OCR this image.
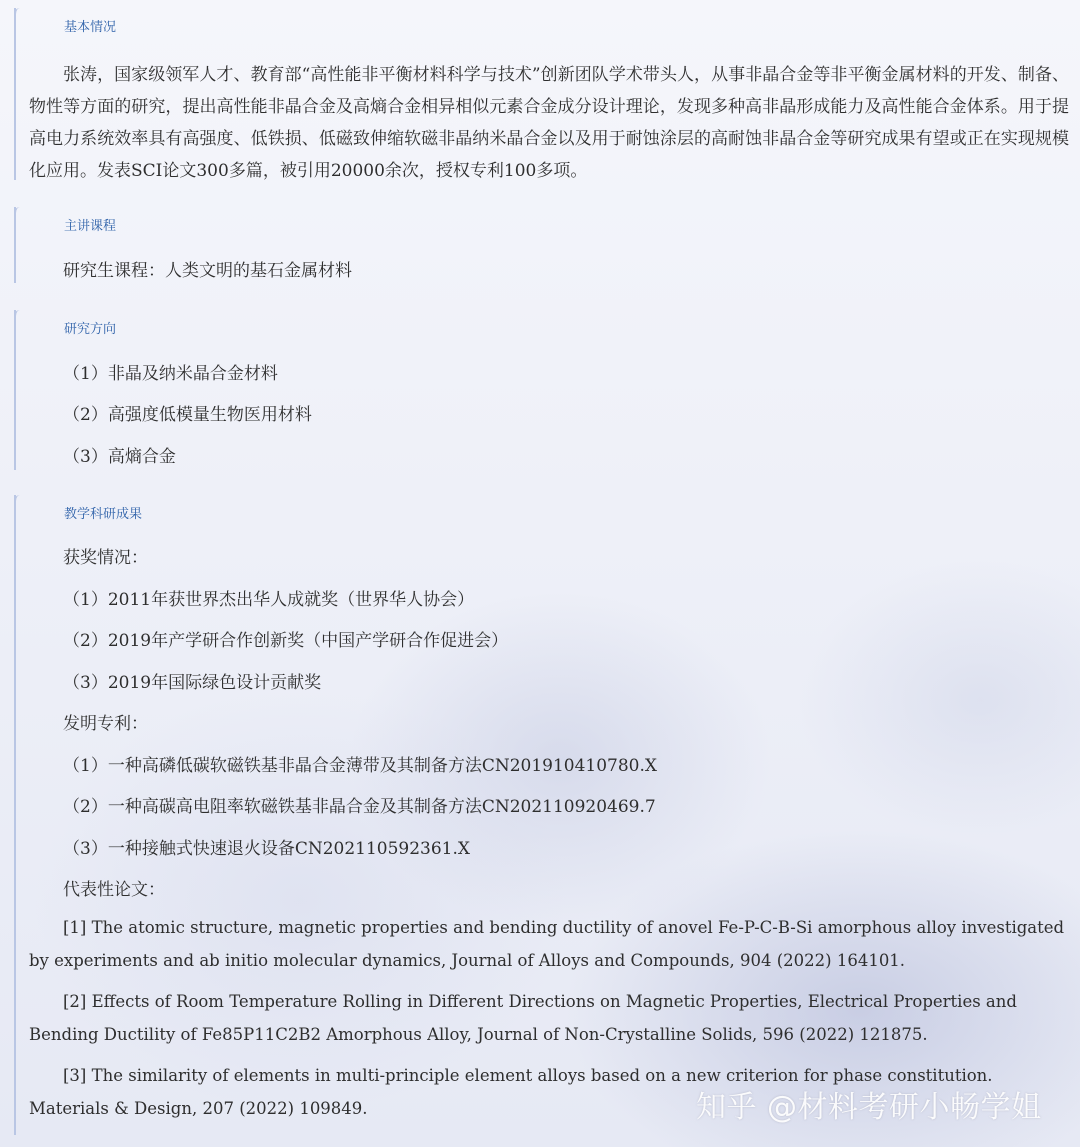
基本情况
张涛，国家级领军人才、教育部“高性能非平衡材料科学与技术”创新团队学术带头人，从事非晶合金等非平衡金属材料的开发、制备、物性等方面的研究，提出高性能非晶合金及高熵合金相异相似元素合金成分设计理论，发现多种高非晶形成能力及高性能合金体系。用于提高电力系统效率具有高强度、低铁损、低磁致伸缩软磁非晶纳米晶合金以及用于耐蚀涂层的高耐蚀非晶合金等研究成果有望或正在实现规模化应用。发表SCI论文300多篇，被引用20000余次，授权专利100多项。
主讲课程
研究生课程：人类文明的基石金属材料
研究方向
（1）非晶及纳米晶合金材料
（2）高强度低模量生物医用材料
（3）高熵合金
教学科研成果
获奖情况：
（1）2011年获世界杰出华人成就奖（世界华人协会）
（2）2019年产学研合作创新奖（中国产学研合作促进会）
（3）2019年国际绿色设计贡献奖
发明专利：
（1）一种高磷低碳软磁铁基非晶合金薄带及其制备方法CN201910410780.X
（2）一种高碳高电阻率软磁铁基非晶合金及其制备方法CN202110920469.7
（3）一种接触式快速退火设备CN202110592361.X
代表性论文：
[1] The atomic structure, magnetic properties and bending ductility of anovel Fe-P-C-B-Si amorphous alloy investigated by experiments and ab initio molecular dynamics, Journal of Alloys and Compounds, 904 (2022) 164101.
[2] Effects of Room Temperature Rolling in Different Directions on Magnetic Properties, Electrical Properties and Bending Ductility of Fe85P11C2B2 Amorphous Alloy, Journal of Non-Crystalline Solids, 596 (2022) 121875.
[3] The similarity of elements in multi-principle element alloys based on a new criterion for phase constitution. Materials & Design, 207 (2022) 109849.	知乎 @材料考研小畅学姐
